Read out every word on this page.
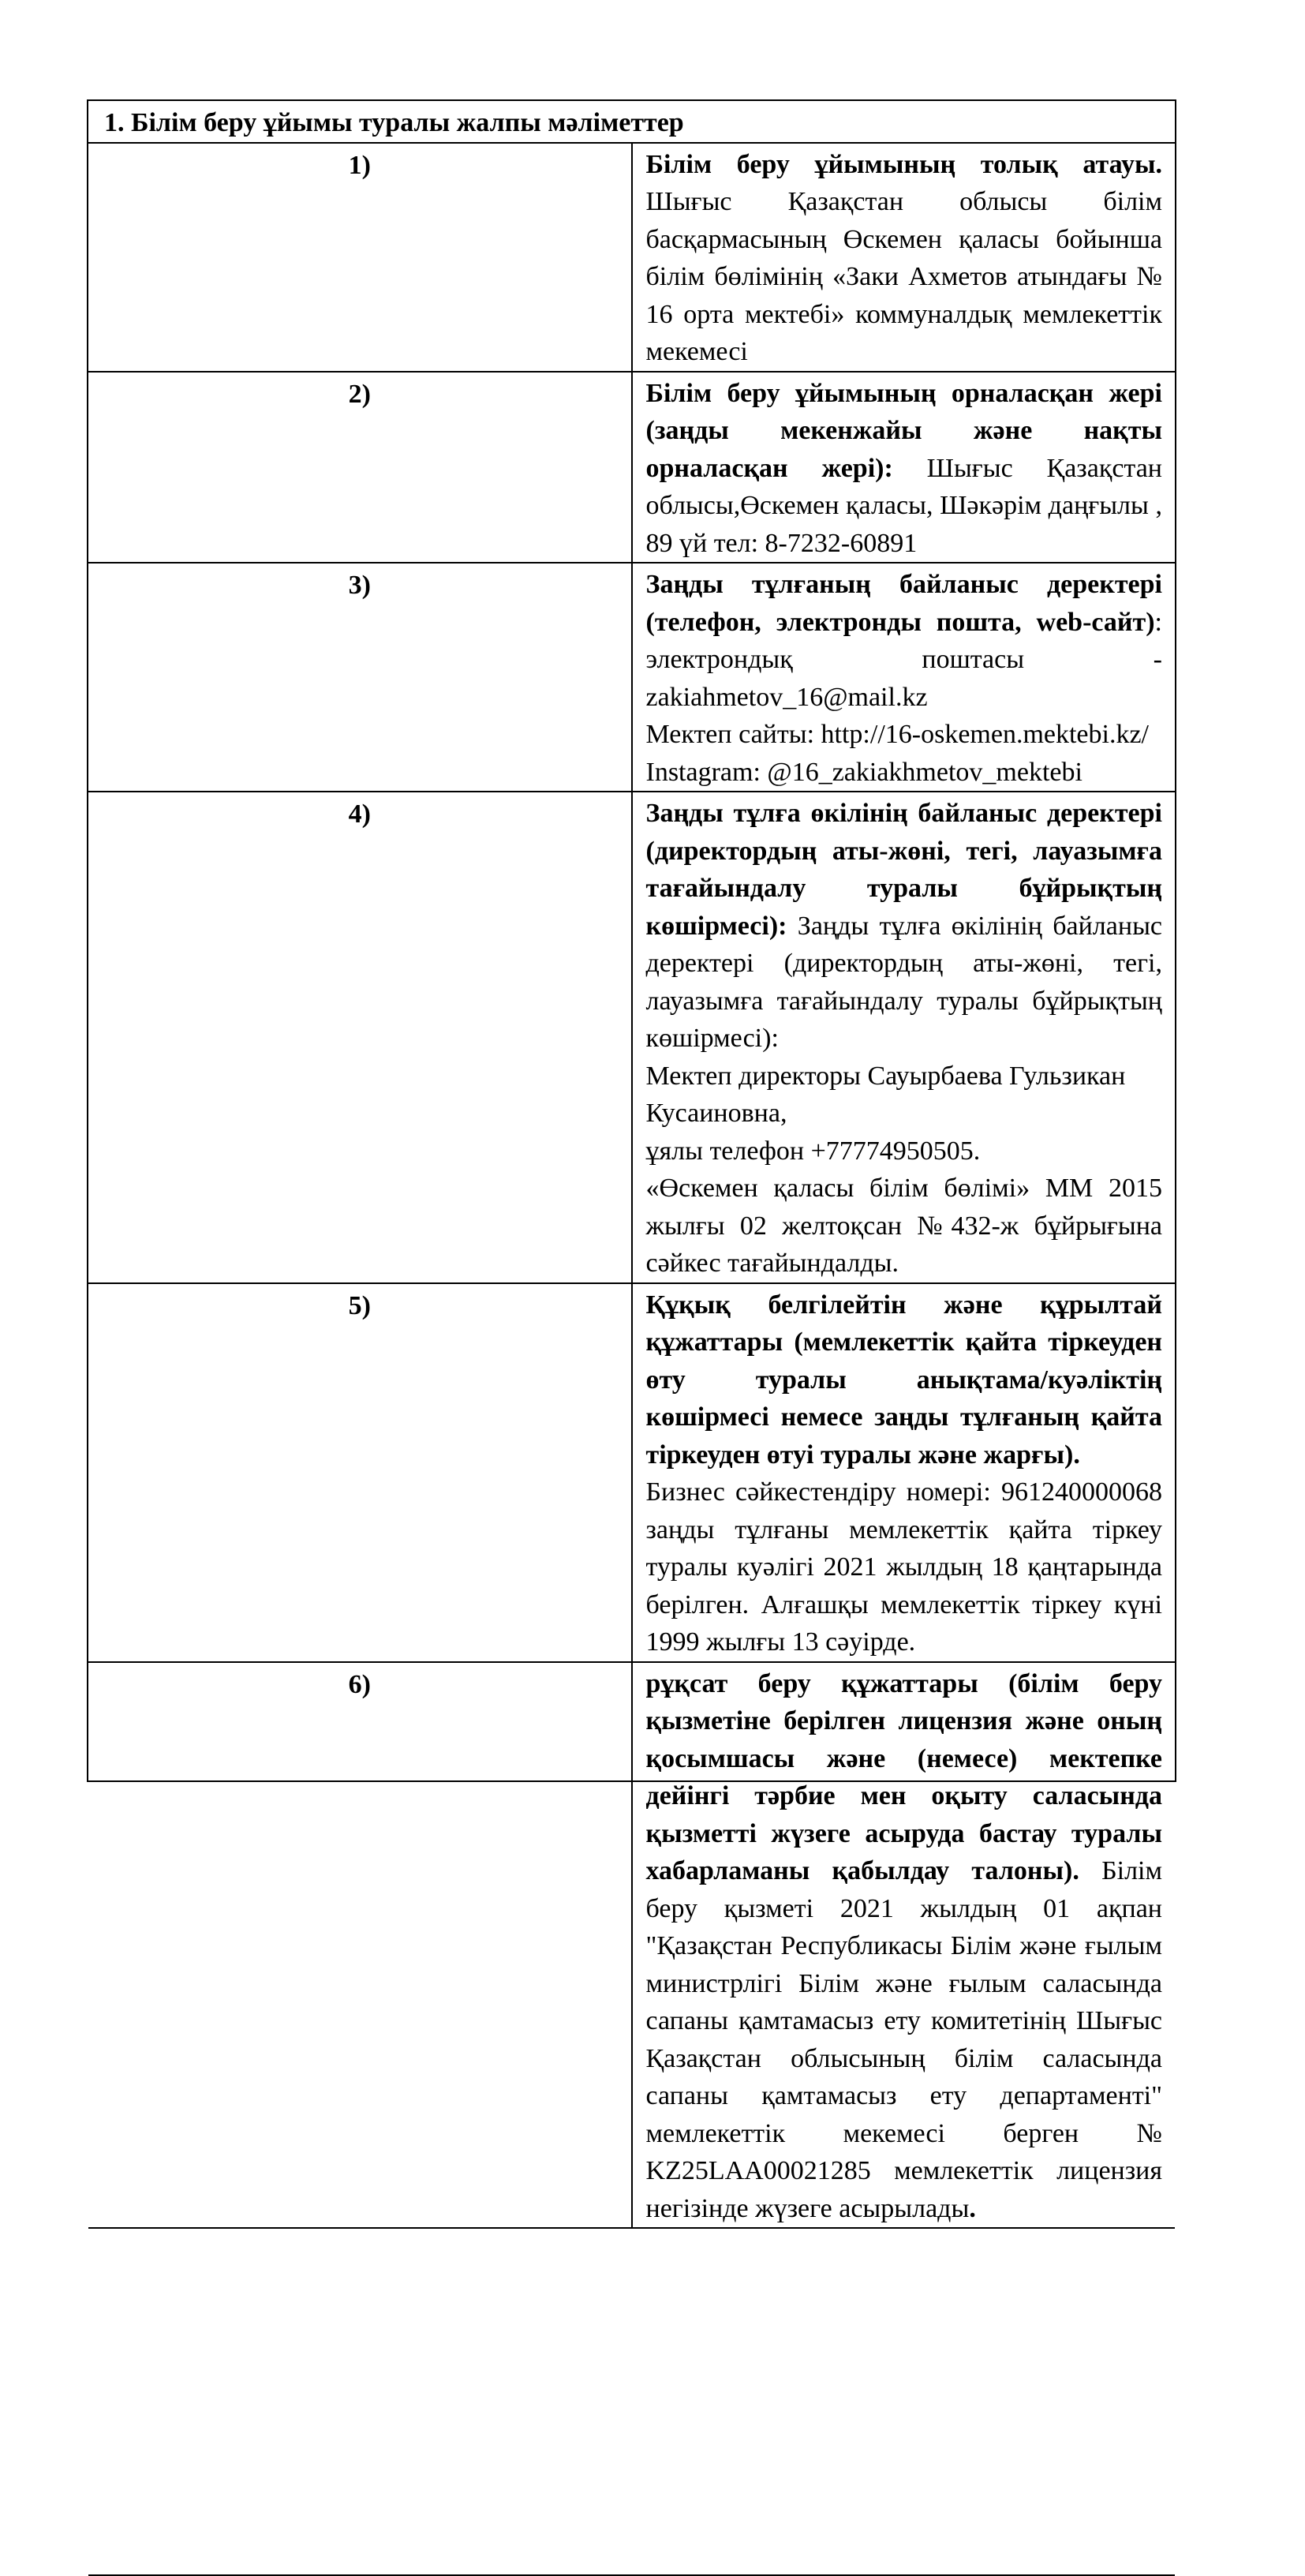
1. Білім беру ұйымы туралы жалпы мәліметтер	
1)	Білім беру ұйымының толық атауы. Шығыс Қазақстан облысы білім басқармасының Өскемен қаласы бойынша білім бөлімінің «Заки Ахметов атындағы № 16 орта мектебі» коммуналдық мемлекеттік мекемесі

2)	Білім беру ұйымының орналасқан жері (заңды мекенжайы және нақты орналасқан жері): Шығыс Қазақстан облысы,Өскемен қаласы, Шәкәрім даңғылы , 89 үй тел: 8-7232-60891

3)	Заңды тұлғаның байланыс деректері (телефон, электронды пошта, web-сайт): электрондық поштасы - zakiahmetov_16@mail.kz
Мектеп сайты: http://16-oskemen.mektebi.kz/
Instagram: @16_zakiakhmetov_mektebi

4)	Заңды тұлға өкілінің байланыс деректері (директордың аты-жөні, тегі, лауазымға тағайындалу туралы бұйрықтың көшірмесі): Заңды тұлға өкілінің байланыс деректері (директордың аты-жөні, тегі, лауазымға тағайындалу туралы бұйрықтың көшірмесі):
Мектеп директоры Сауырбаева Гульзикан Кусаиновна,
ұялы телефон +77774950505.
«Өскемен қаласы білім бөлімі» ММ 2015 жылғы 02 желтоқсан №432-ж бұйрығына сәйкес тағайындалды.

5)	Құқық белгілейтін және құрылтай құжаттары (мемлекеттік қайта тіркеуден өту туралы анықтама/куәліктің көшірмесі немесе заңды тұлғаның қайта тіркеуден өтуі туралы және жарғы).
Бизнес сәйкестендіру номері: 961240000068 заңды тұлғаны мемлекеттік қайта тіркеу туралы куәлігі 2021 жылдың 18 қаңтарында берілген. Алғашқы мемлекеттік тіркеу күні 1999 жылғы 13 сәуірде.

6)	рұқсат беру құжаттары (білім беру қызметіне берілген лицензия және оның қосымшасы және (немесе) мектепке дейінгі тәрбие мен оқыту саласында қызметті жүзеге асыруда бастау туралы хабарламаны қабылдау талоны). Білім беру қызметі 2021 жылдың 01 ақпан "Қазақстан Республикасы Білім және ғылым министрлігі Білім және ғылым саласында сапаны қамтамасыз ету комитетінің Шығыс Қазақстан облысының білім саласында сапаны қамтамасыз ету департаменті" мемлекеттік мекемесі берген № KZ25LAA00021285 мемлекеттік лицензия негізінде жүзеге асырылады.
